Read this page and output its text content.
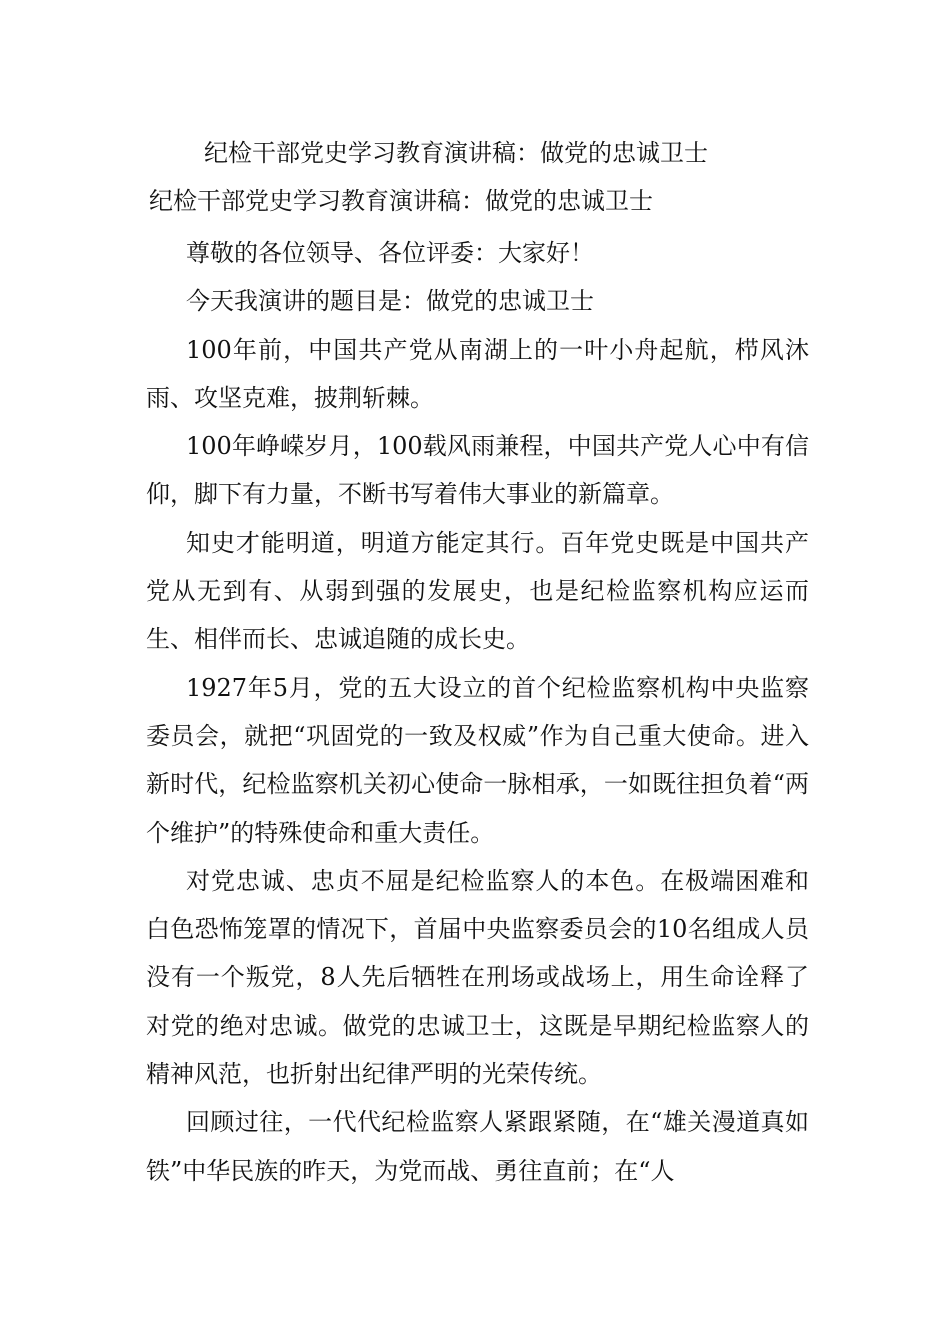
纪检干部党史学习教育演讲稿：做党的忠诚卫士
纪检干部党史学习教育演讲稿：做党的忠诚卫士

尊敬的各位领导、各位评委：大家好！

今天我演讲的题目是：做党的忠诚卫士

100年前，中国共产党从南湖上的一叶小舟起航，栉风沐雨、攻坚克难，披荆斩棘。

100年峥嵘岁月，100载风雨兼程，中国共产党人心中有信仰，脚下有力量，不断书写着伟大事业的新篇章。

知史才能明道，明道方能定其行。百年党史既是中国共产党从无到有、从弱到强的发展史，也是纪检监察机构应运而生、相伴而长、忠诚追随的成长史。

1927年5月，党的五大设立的首个纪检监察机构中央监察委员会，就把“巩固党的一致及权威”作为自己重大使命。进入新时代，纪检监察机关初心使命一脉相承，一如既往担负着“两个维护”的特殊使命和重大责任。

对党忠诚、忠贞不屈是纪检监察人的本色。在极端困难和白色恐怖笼罩的情况下，首届中央监察委员会的10名组成人员没有一个叛党，8人先后牺牲在刑场或战场上，用生命诠释了对党的绝对忠诚。做党的忠诚卫士，这既是早期纪检监察人的精神风范，也折射出纪律严明的光荣传统。

回顾过往，一代代纪检监察人紧跟紧随，在“雄关漫道真如铁”中华民族的昨天，为党而战、勇往直前；在“人
